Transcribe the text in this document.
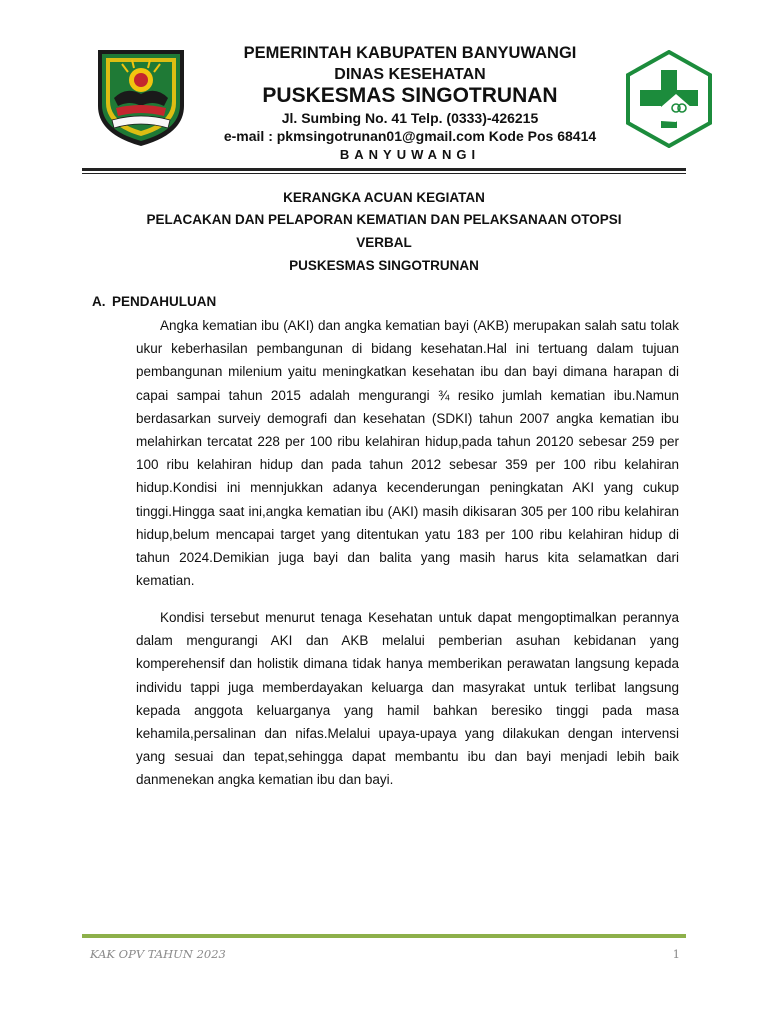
PEMERINTAH KABUPATEN BANYUWANGI
DINAS KESEHATAN
PUSKESMAS SINGOTRUNAN
Jl. Sumbing No. 41 Telp. (0333)-426215
e-mail : pkmsingotrunan01@gmail.com Kode Pos 68414
BANYUWANGI
KERANGKA ACUAN KEGIATAN
PELACAKAN DAN PELAPORAN KEMATIAN DAN PELAKSANAAN OTOPSI
VERBAL
PUSKESMAS SINGOTRUNAN
A. PENDAHULUAN

Angka kematian ibu (AKI) dan angka kematian bayi (AKB) merupakan salah satu tolak ukur keberhasilan pembangunan di bidang kesehatan.Hal ini tertuang dalam tujuan pembangunan milenium yaitu meningkatkan kesehatan ibu dan bayi dimana harapan di capai sampai tahun 2015 adalah mengurangi ¾ resiko jumlah kematian ibu.Namun berdasarkan surveiy demografi dan kesehatan (SDKI) tahun 2007 angka kematian ibu melahirkan tercatat 228 per 100 ribu kelahiran hidup,pada tahun 20120 sebesar 259 per 100 ribu kelahiran hidup dan pada tahun 2012 sebesar 359 per 100 ribu kelahiran hidup.Kondisi ini mennjukkan adanya kecenderungan peningkatan AKI yang cukup tinggi.Hingga saat ini,angka kematian ibu (AKI) masih dikisaran 305 per 100 ribu kelahiran hidup,belum mencapai target yang ditentukan yatu 183 per 100 ribu kelahiran hidup di tahun 2024.Demikian juga bayi dan balita yang masih harus kita selamatkan dari kematian.

Kondisi tersebut menurut tenaga Kesehatan untuk dapat mengoptimalkan perannya dalam mengurangi AKI dan AKB melalui pemberian asuhan kebidanan yang komperehensif dan holistik dimana tidak hanya memberikan perawatan langsung kepada individu tappi juga memberdayakan keluarga dan masyrakat untuk terlibat langsung kepada anggota keluarganya yang hamil bahkan beresiko tinggi pada masa kehamila,persalinan dan nifas.Melalui upaya-upaya yang dilakukan dengan intervensi yang sesuai dan tepat,sehingga dapat membantu ibu dan bayi menjadi lebih baik danmenekan angka kematian ibu dan bayi.

KAK OPV TAHUN 2023	1
